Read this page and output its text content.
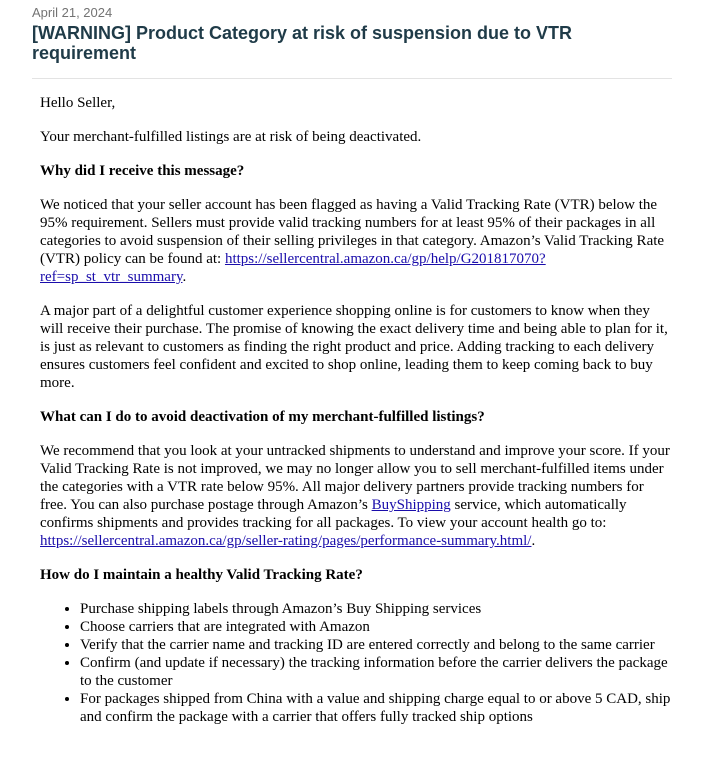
April 21, 2024
[WARNING] Product Category at risk of suspension due to VTR requirement

Hello Seller,

Your merchant-fulfilled listings are at risk of being deactivated.

Why did I receive this message?

We noticed that your seller account has been flagged as having a Valid Tracking Rate (VTR) below the 95% requirement. Sellers must provide valid tracking numbers for at least 95% of their packages in all categories to avoid suspension of their selling privileges in that category. Amazon’s Valid Tracking Rate (VTR) policy can be found at: https://sellercentral.amazon.ca/gp/help/G201817070?ref=sp_st_vtr_summary.

A major part of a delightful customer experience shopping online is for customers to know when they will receive their purchase. The promise of knowing the exact delivery time and being able to plan for it, is just as relevant to customers as finding the right product and price. Adding tracking to each delivery ensures customers feel confident and excited to shop online, leading them to keep coming back to buy more.

What can I do to avoid deactivation of my merchant-fulfilled listings?

We recommend that you look at your untracked shipments to understand and improve your score. If your Valid Tracking Rate is not improved, we may no longer allow you to sell merchant-fulfilled items under the categories with a VTR rate below 95%. All major delivery partners provide tracking numbers for free. You can also purchase postage through Amazon’s BuyShipping service, which automatically confirms shipments and provides tracking for all packages. To view your account health go to: https://sellercentral.amazon.ca/gp/seller-rating/pages/performance-summary.html/.

How do I maintain a healthy Valid Tracking Rate?

• Purchase shipping labels through Amazon’s Buy Shipping services
• Choose carriers that are integrated with Amazon
• Verify that the carrier name and tracking ID are entered correctly and belong to the same carrier
• Confirm (and update if necessary) the tracking information before the carrier delivers the package to the customer
• For packages shipped from China with a value and shipping charge equal to or above 5 CAD, ship and confirm the package with a carrier that offers fully tracked ship options
